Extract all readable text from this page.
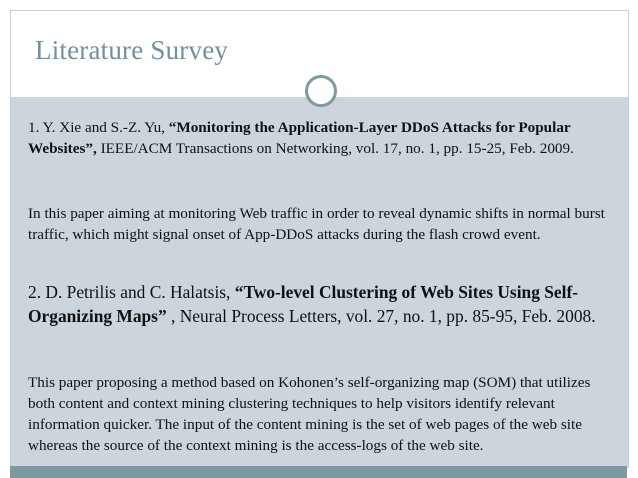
Literature Survey
1. Y. Xie and S.-Z. Yu, “Monitoring the Application-Layer DDoS Attacks for Popular Websites”, IEEE/ACM Transactions on Networking, vol. 17, no. 1, pp. 15-25, Feb. 2009.
In this paper aiming at monitoring Web traffic in order to reveal dynamic shifts in normal burst traffic, which might signal onset of App-DDoS attacks during the flash crowd event.
2. D. Petrilis and C. Halatsis, “Two-level Clustering of Web Sites Using Self-Organizing Maps” , Neural Process Letters, vol. 27, no. 1, pp. 85-95, Feb. 2008.
This paper proposing a method based on Kohonen’s self-organizing map (SOM) that utilizes both content and context mining clustering techniques to help visitors identify relevant information quicker. The input of the content mining is the set of web pages of the web site whereas the source of the context mining is the access-logs of the web site.
